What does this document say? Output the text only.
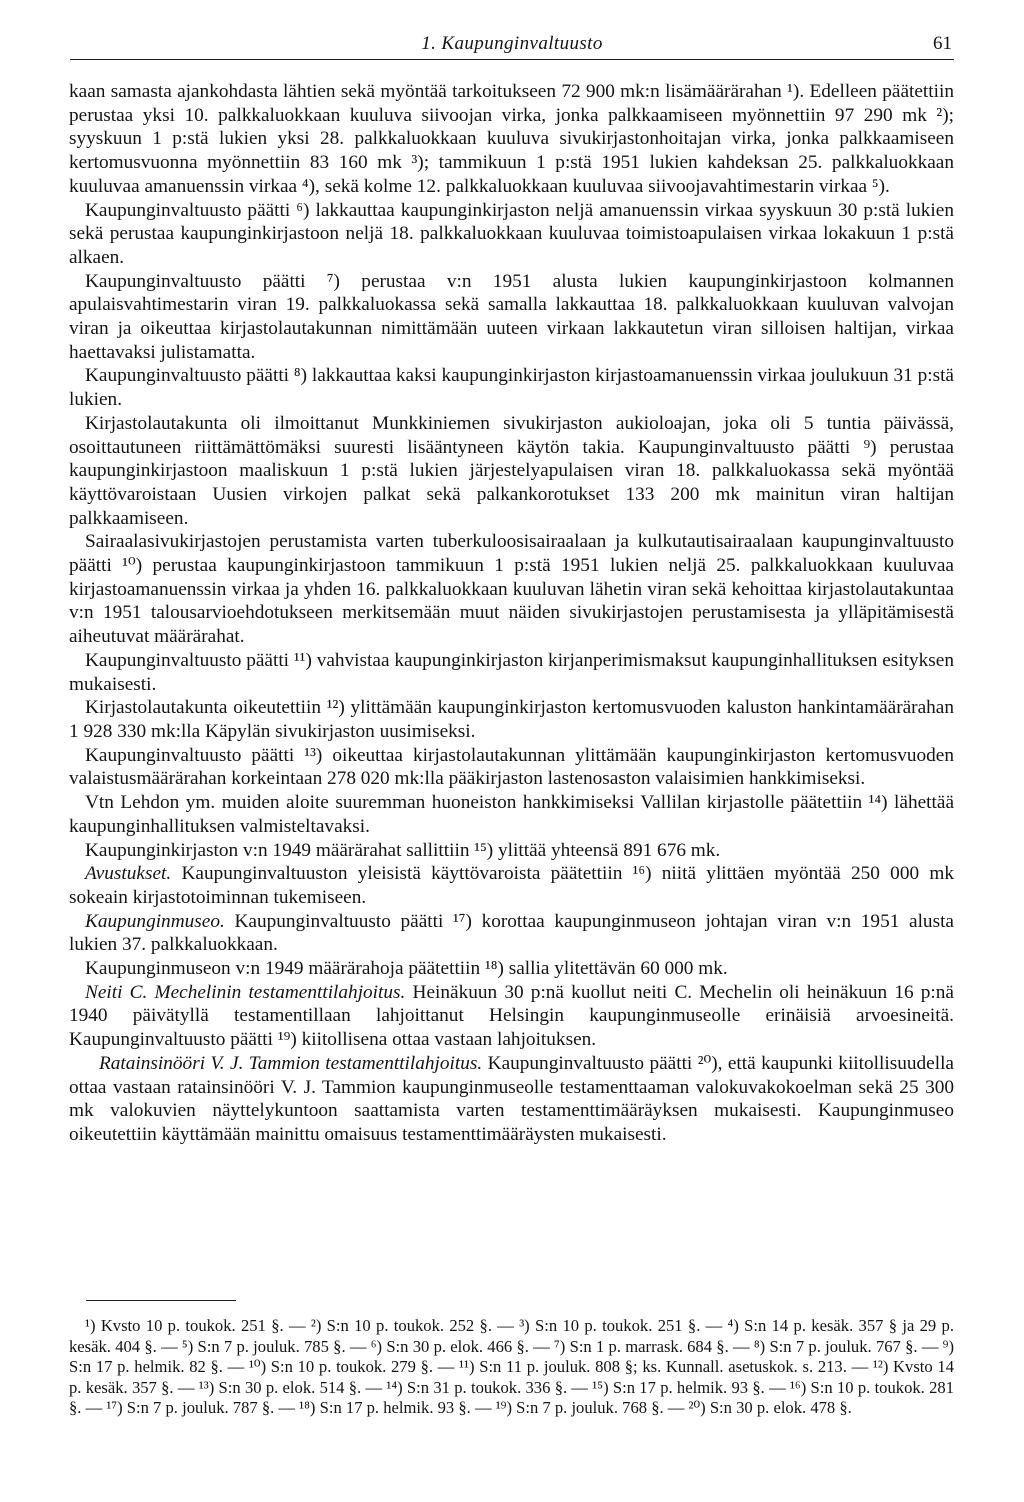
1. Kaupunginvaltuusto	61

kaan samasta ajankohdasta lähtien sekä myöntää tarkoitukseen 72 900 mk:n lisämäärärahan ¹). Edelleen päätettiin perustaa yksi 10. palkkaluokkaan kuuluva siivoojan virka, jonka palkkaamiseen myönnettiin 97 290 mk ²); syyskuun 1 p:stä lukien yksi 28. palkkaluokkaan kuuluva sivukirjastonhoitajan virka, jonka palkkaamiseen kertomusvuonna myönnettiin 83 160 mk ³); tammikuun 1 p:stä 1951 lukien kahdeksan 25. palkkaluokkaan kuuluvaa amanuenssin virkaa ⁴), sekä kolme 12. palkkaluokkaan kuuluvaa siivoojavahtimestarin virkaa ⁵).

Kaupunginvaltuusto päätti ⁶) lakkauttaa kaupunginkirjaston neljä amanuenssin virkaa syyskuun 30 p:stä lukien sekä perustaa kaupunginkirjastoon neljä 18. palkkaluokkaan kuuluvaa toimistoapulaisen virkaa lokakuun 1 p:stä alkaen.

Kaupunginvaltuusto päätti ⁷) perustaa v:n 1951 alusta lukien kaupunginkirjastoon kolmannen apulaisvahtimestarin viran 19. palkkaluokassa sekä samalla lakkauttaa 18. palkkaluokkaan kuuluvan valvojan viran ja oikeuttaa kirjastolautakunnan nimittämään uuteen virkaan lakkautetun viran silloisen haltijan, virkaa haettavaksi julistamatta.

Kaupunginvaltuusto päätti ⁸) lakkauttaa kaksi kaupunginkirjaston kirjastoamanuenssin virkaa joulukuun 31 p:stä lukien.

Kirjastolautakunta oli ilmoittanut Munkkiniemen sivukirjaston aukioloajan, joka oli 5 tuntia päivässä, osoittautuneen riittämättömäksi suuresti lisääntyneen käytön takia. Kaupunginvaltuusto päätti ⁹) perustaa kaupunginkirjastoon maaliskuun 1 p:stä lukien järjestelyapulaisen viran 18. palkkaluokassa sekä myöntää käyttövaroistaan Uusien virkojen palkat sekä palkankorotukset 133 200 mk mainitun viran haltijan palkkaamiseen.

Sairaalasivukirjastojen perustamista varten tuberkuloosisairaalaan ja kulkutautisairaalaan kaupunginvaltuusto päätti ¹⁰) perustaa kaupunginkirjastoon tammikuun 1 p:stä 1951 lukien neljä 25. palkkaluokkaan kuuluvaa kirjastoamanuenssin virkaa ja yhden 16. palkkaluokkaan kuuluvan lähetin viran sekä kehoittaa kirjastolautakuntaa v:n 1951 talousarvioehdotukseen merkitsemään muut näiden sivukirjastojen perustamisesta ja ylläpitämisestä aiheutuvat määrärahat.

Kaupunginvaltuusto päätti ¹¹) vahvistaa kaupunginkirjaston kirjanperimismaksut kaupunginhallituksen esityksen mukaisesti.

Kirjastolautakunta oikeutettiin ¹²) ylittämään kaupunginkirjaston kertomusvuoden kaluston hankintamäärärahan 1 928 330 mk:lla Käpylän sivukirjaston uusimiseksi.

Kaupunginvaltuusto päätti ¹³) oikeuttaa kirjastolautakunnan ylittämään kaupunginkirjaston kertomusvuoden valaistusmäärärahan korkeintaan 278 020 mk:lla pääkirjaston lastenosaston valaisimien hankkimiseksi.

Vtn Lehdon ym. muiden aloite suuremman huoneiston hankkimiseksi Vallilan kirjastolle päätettiin ¹⁴) lähettää kaupunginhallituksen valmisteltavaksi.

Kaupunginkirjaston v:n 1949 määrärahat sallittiin ¹⁵) ylittää yhteensä 891 676 mk.

Avustukset. Kaupunginvaltuuston yleisistä käyttövaroista päätettiin ¹⁶) niitä ylittäen myöntää 250 000 mk sokeain kirjastotoiminnan tukemiseen.

Kaupunginmuseo. Kaupunginvaltuusto päätti ¹⁷) korottaa kaupunginmuseon johtajan viran v:n 1951 alusta lukien 37. palkkaluokkaan.

Kaupunginmuseon v:n 1949 määrärahoja päätettiin ¹⁸) sallia ylitettävän 60 000 mk.

Neiti C. Mechelinin testamenttilahjoitus. Heinäkuun 30 p:nä kuollut neiti C. Mechelin oli heinäkuun 16 p:nä 1940 päivätyllä testamentillaan lahjoittanut Helsingin kaupunginmuseolle erinäisiä arvoesineitä. Kaupunginvaltuusto päätti ¹⁹) kiitollisena ottaa vastaan lahjoituksen.

Ratainsinööri V. J. Tammion testamenttilahjoitus. Kaupunginvaltuusto päätti ²⁰), että kaupunki kiitollisuudella ottaa vastaan ratainsinööri V. J. Tammion kaupunginmuseolle testamenttaaman valokuvakokoelman sekä 25 300 mk valokuvien näyttelykuntoon saattamista varten testamenttimääräyksen mukaisesti. Kaupunginmuseo oikeutettiin käyttämään mainittu omaisuus testamenttimääräysten mukaisesti.

¹) Kvsto 10 p. toukok. 251 §. — ²) S:n 10 p. toukok. 252 §. — ³) S:n 10 p. toukok. 251 §. — ⁴) S:n 14 p. kesäk. 357 § ja 29 p. kesäk. 404 §. — ⁵) S:n 7 p. jouluk. 785 §. — ⁶) S:n 30 p. elok. 466 §. — ⁷) S:n 1 p. marrask. 684 §. — ⁸) S:n 7 p. jouluk. 767 §. — ⁹) S:n 17 p. helmik. 82 §. — ¹⁰) S:n 10 p. toukok. 279 §. — ¹¹) S:n 11 p. jouluk. 808 §; ks. Kunnall. asetuskok. s. 213. — ¹²) Kvsto 14 p. kesäk. 357 §. — ¹³) S:n 30 p. elok. 514 §. — ¹⁴) S:n 31 p. toukok. 336 §. — ¹⁵) S:n 17 p. helmik. 93 §. — ¹⁶) S:n 10 p. toukok. 281 §. — ¹⁷) S:n 7 p. jouluk. 787 §. — ¹⁸) S:n 17 p. helmik. 93 §. — ¹⁹) S:n 7 p. jouluk. 768 §. — ²⁰) S:n 30 p. elok. 478 §.
